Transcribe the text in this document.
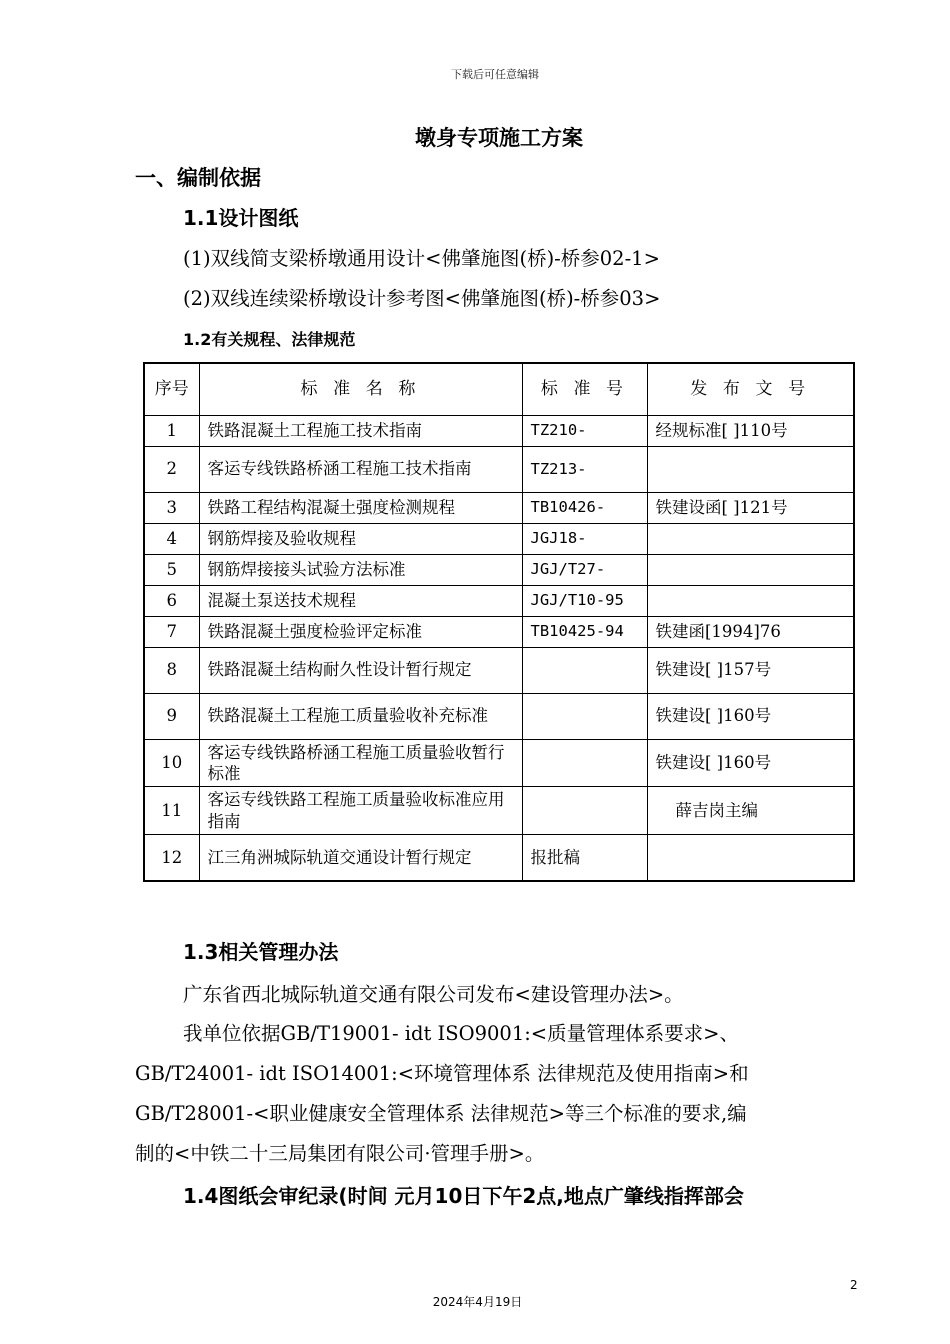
下载后可任意编辑
墩身专项施工方案
一、编制依据
1.1设计图纸
(1)双线简支梁桥墩通用设计<佛肇施图(桥)-桥参02-1>
(2)双线连续梁桥墩设计参考图<佛肇施图(桥)-桥参03>
1.2有关规程、法律规范
序号	标 准 名 称	标 准 号	发 布 文 号
1	铁路混凝土工程施工技术指南	TZ210-	经规标准[ ]110号
2	客运专线铁路桥涵工程施工技术指南	TZ213-	
3	铁路工程结构混凝土强度检测规程	TB10426-	铁建设函[ ]121号
4	钢筋焊接及验收规程	JGJ18-	
5	钢筋焊接接头试验方法标准	JGJ/T27-	
6	混凝土泵送技术规程	JGJ/T10-95	
7	铁路混凝土强度检验评定标准	TB10425-94	铁建函[1994]76
8	铁路混凝土结构耐久性设计暂行规定		铁建设[ ]157号
9	铁路混凝土工程施工质量验收补充标准		铁建设[ ]160号
10	客运专线铁路桥涵工程施工质量验收暂行标准		铁建设[ ]160号
11	客运专线铁路工程施工质量验收标准应用指南		薛吉岗主编
12	江三角洲城际轨道交通设计暂行规定	报批稿	
1.3相关管理办法
广东省西北城际轨道交通有限公司发布<建设管理办法>。
我单位依据GB/T19001- idt ISO9001:<质量管理体系要求>、
GB/T24001- idt ISO14001:<环境管理体系 法律规范及使用指南>和
GB/T28001-<职业健康安全管理体系 法律规范>等三个标准的要求,编
制的<中铁二十三局集团有限公司·管理手册>。
1.4图纸会审纪录(时间 元月10日下午2点,地点广肇线指挥部会
2
2024年4月19日
